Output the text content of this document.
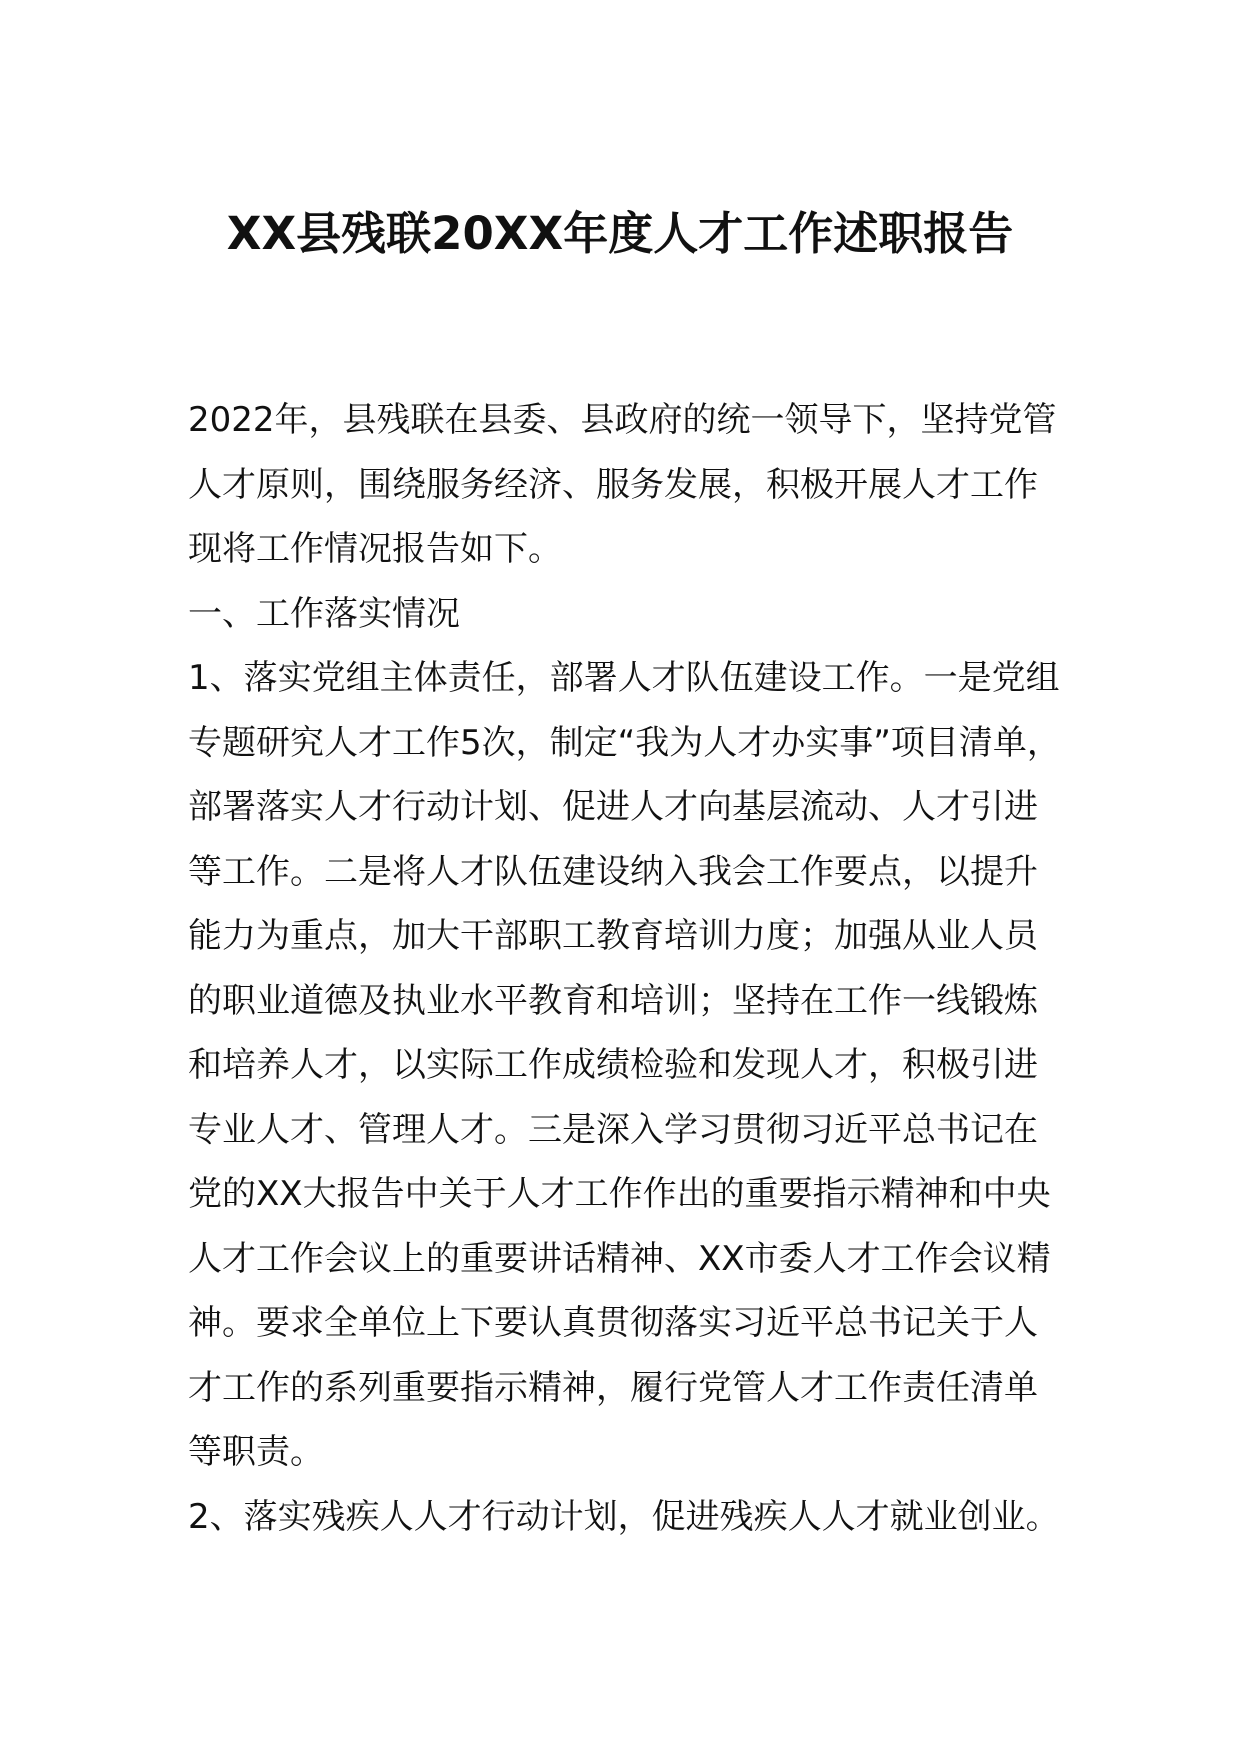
XX县残联20XX年度人才工作述职报告
2022年，县残联在县委、县政府的统一领导下，坚持党管
人才原则，围绕服务经济、服务发展，积极开展人才工作
现将工作情况报告如下。
一、工作落实情况
1、落实党组主体责任，部署人才队伍建设工作。一是党组
专题研究人才工作5次，制定“我为人才办实事”项目清单，
部署落实人才行动计划、促进人才向基层流动、人才引进
等工作。二是将人才队伍建设纳入我会工作要点，以提升
能力为重点，加大干部职工教育培训力度；加强从业人员
的职业道德及执业水平教育和培训；坚持在工作一线锻炼
和培养人才，以实际工作成绩检验和发现人才，积极引进
专业人才、管理人才。三是深入学习贯彻习近平总书记在
党的XX大报告中关于人才工作作出的重要指示精神和中央
人才工作会议上的重要讲话精神、XX市委人才工作会议精
神。要求全单位上下要认真贯彻落实习近平总书记关于人
才工作的系列重要指示精神，履行党管人才工作责任清单
等职责。
2、落实残疾人人才行动计划，促进残疾人人才就业创业。
